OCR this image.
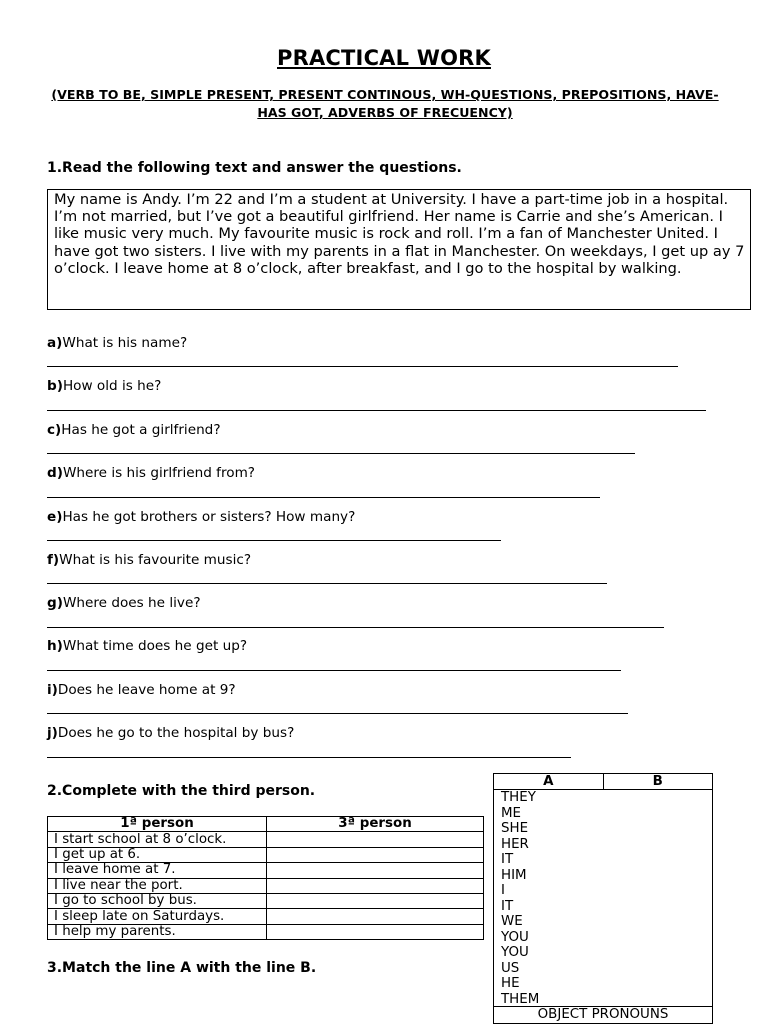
PRACTICAL WORK
(VERB TO BE, SIMPLE PRESENT, PRESENT CONTINOUS, WH-QUESTIONS, PREPOSITIONS, HAVE-HAS GOT, ADVERBS OF FRECUENCY)
1.Read the following text and answer the questions.
My name is Andy. I’m 22 and I’m a student at University. I have a part-time job in a hospital. I’m not married, but I’ve got a beautiful girlfriend. Her name is Carrie and she’s American. I like music very much. My favourite music is rock and roll. I’m a fan of Manchester United. I have got two sisters. I live with my parents in a flat in Manchester. On weekdays, I get up ay 7 o’clock. I leave home at 8 o’clock, after breakfast, and I go to the hospital by walking.
a)What is his name?
b)How old is he?
c)Has he got a girlfriend?
d)Where is his girlfriend from?
e)Has he got brothers or sisters? How many?
f)What is his favourite music?
g)Where does he live?
h)What time does he get up?
i)Does he leave home at 9?
j)Does he go to the hospital by bus?
2.Complete with the third person.
1ª person	3ª person
I start school at 8 o’clock.	
I get up at 6.	
I leave home at 7.	
I live near the port.	
I go to school by bus.	
I sleep late on Saturdays.	
I help my parents.	
3.Match the line A with the line B.
A	B
THEY
ME
SHE
HER
IT
HIM
I
IT
WE
YOU
YOU
US
HE
THEM
OBJECT PRONOUNS
